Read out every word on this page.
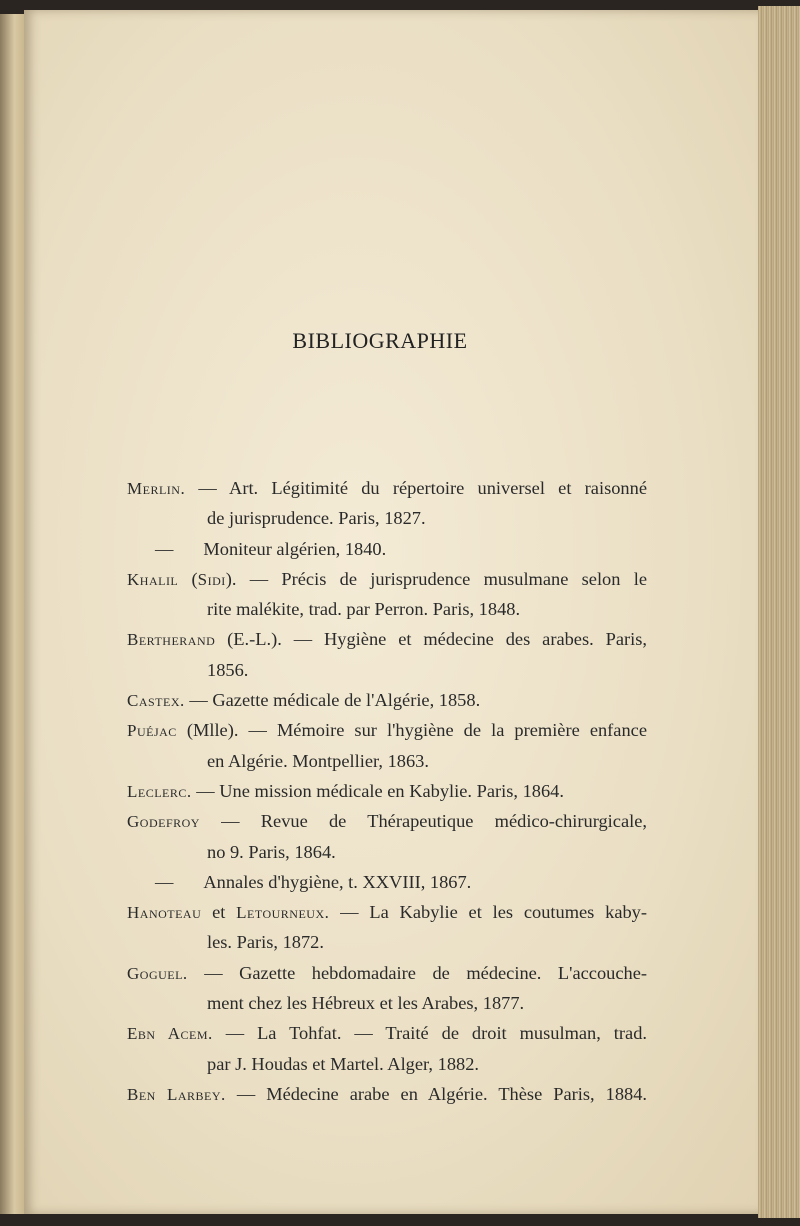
BIBLIOGRAPHIE
Merlin. — Art. Légitimité du répertoire universel et raisonné
de jurisprudence. Paris, 1827.
— Moniteur algérien, 1840.
Khalil (Sidi). — Précis de jurisprudence musulmane selon le
rite malékite, trad. par Perron. Paris, 1848.
Bertherand (E.-L.). — Hygiène et médecine des arabes. Paris,
1856.
Castex. — Gazette médicale de l'Algérie, 1858.
Puéjac (Mlle). — Mémoire sur l'hygiène de la première enfance
en Algérie. Montpellier, 1863.
Leclerc. — Une mission médicale en Kabylie. Paris, 1864.
Godefroy — Revue de Thérapeutique médico-chirurgicale,
no 9. Paris, 1864.
— Annales d'hygiène, t. XXVIII, 1867.
Hanoteau et Letourneux. — La Kabylie et les coutumes kaby-
les. Paris, 1872.
Goguel. — Gazette hebdomadaire de médecine. L'accouche-
ment chez les Hébreux et les Arabes, 1877.
Ebn Acem. — La Tohfat. — Traité de droit musulman, trad.
par J. Houdas et Martel. Alger, 1882.
Ben Larbey. — Médecine arabe en Algérie. Thèse Paris, 1884.
